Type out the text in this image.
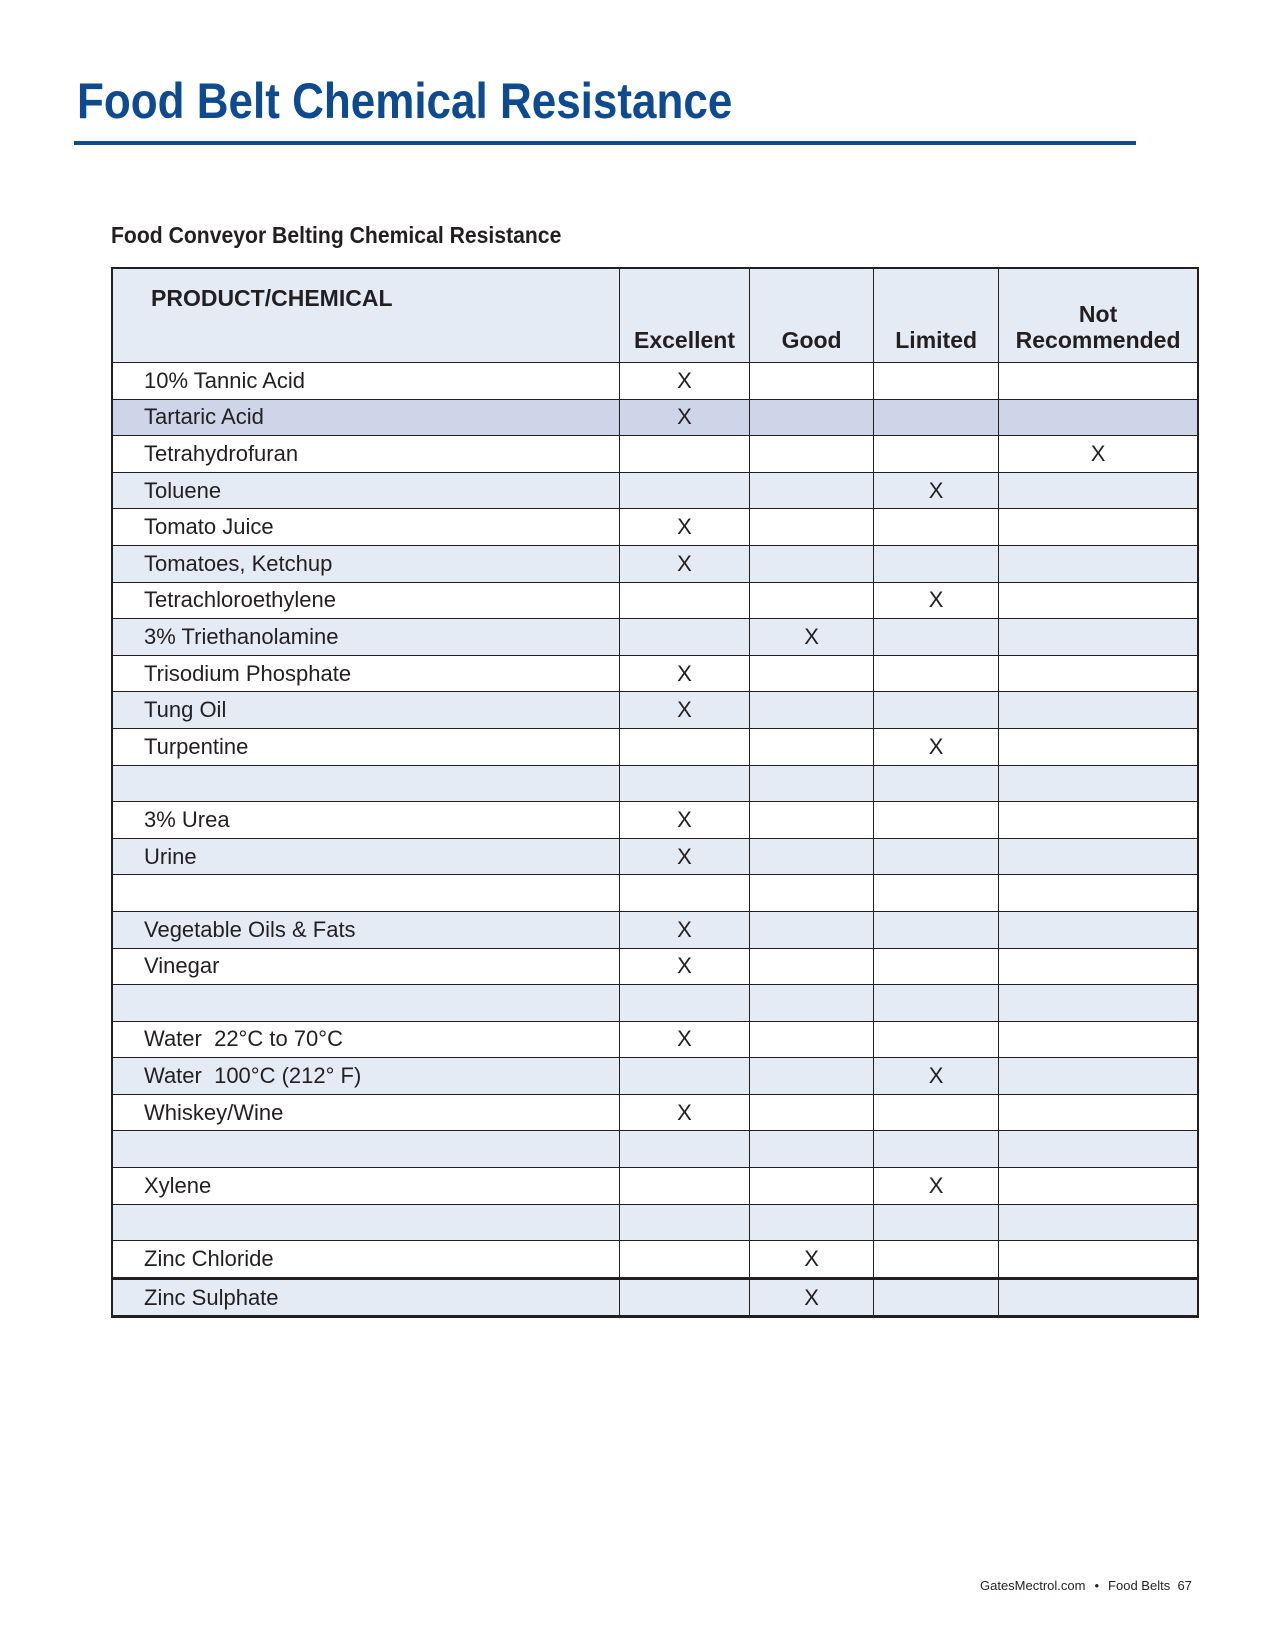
Food Belt Chemical Resistance
Food Conveyor Belting Chemical Resistance
PRODUCT/CHEMICAL	Excellent	Good	Limited	Not
Recommended

10% Tannic Acid	X			
Tartaric Acid	X			
Tetrahydrofuran				X
Toluene			X	
Tomato Juice	X			
Tomatoes, Ketchup	X			
Tetrachloroethylene			X	
3% Triethanolamine		X		
Trisodium Phosphate	X			
Tung Oil	X			
Turpentine			X	

3% Urea	X			
Urine	X			

Vegetable Oils & Fats	X			
Vinegar	X			

Water  22°C to 70°C	X			
Water  100°C (212° F)			X	
Whiskey/Wine	X			

Xylene			X	

Zinc Chloride		X		
Zinc Sulphate		X		
GatesMectrol.com • Food Belts 67
